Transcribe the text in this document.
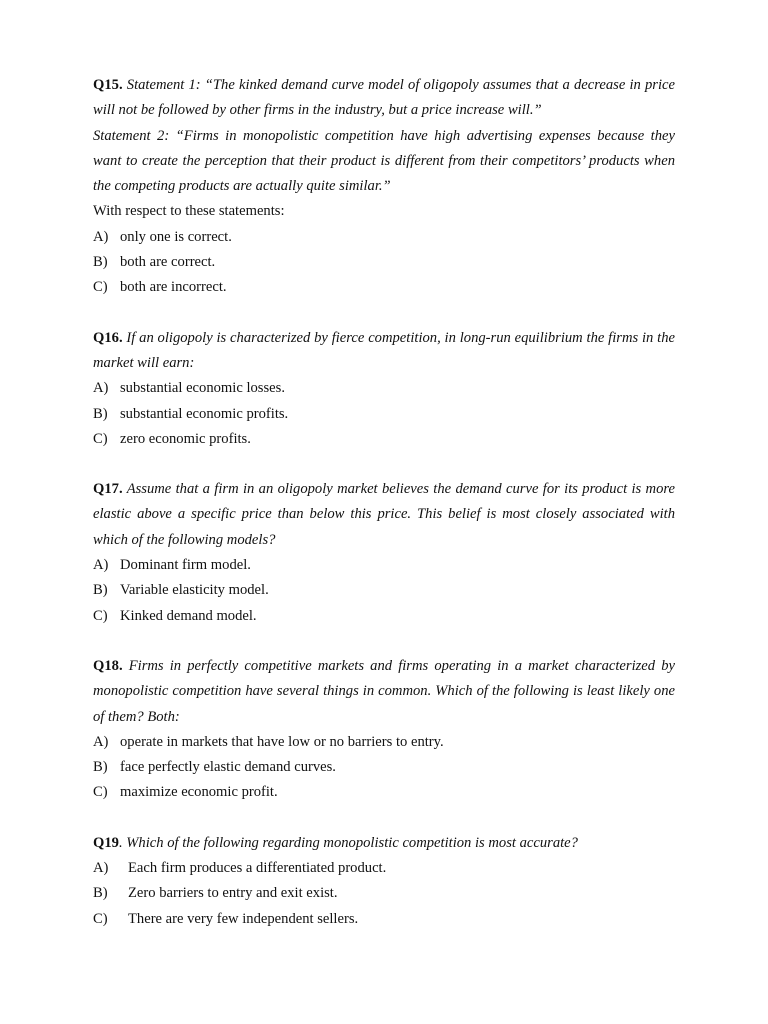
Q15. Statement 1: “The kinked demand curve model of oligopoly assumes that a decrease in price will not be followed by other firms in the industry, but a price increase will.”
Statement 2: “Firms in monopolistic competition have high advertising expenses because they want to create the perception that their product is different from their competitors’ products when the competing products are actually quite similar.”

With respect to these statements:

A) only one is correct.
B) both are correct.
C) both are incorrect.

Q16. If an oligopoly is characterized by fierce competition, in long-run equilibrium the firms in the market will earn:

A) substantial economic losses.
B) substantial economic profits.
C) zero economic profits.

Q17. Assume that a firm in an oligopoly market believes the demand curve for its product is more elastic above a specific price than below this price. This belief is most closely associated with which of the following models?

A) Dominant firm model.
B) Variable elasticity model.
C) Kinked demand model.

Q18. Firms in perfectly competitive markets and firms operating in a market characterized by monopolistic competition have several things in common. Which of the following is least likely one of them? Both:

A) operate in markets that have low or no barriers to entry.
B) face perfectly elastic demand curves.
C) maximize economic profit.

Q19. Which of the following regarding monopolistic competition is most accurate?

A)	Each firm produces a differentiated product.
B)	Zero barriers to entry and exit exist.
C)	There are very few independent sellers.
